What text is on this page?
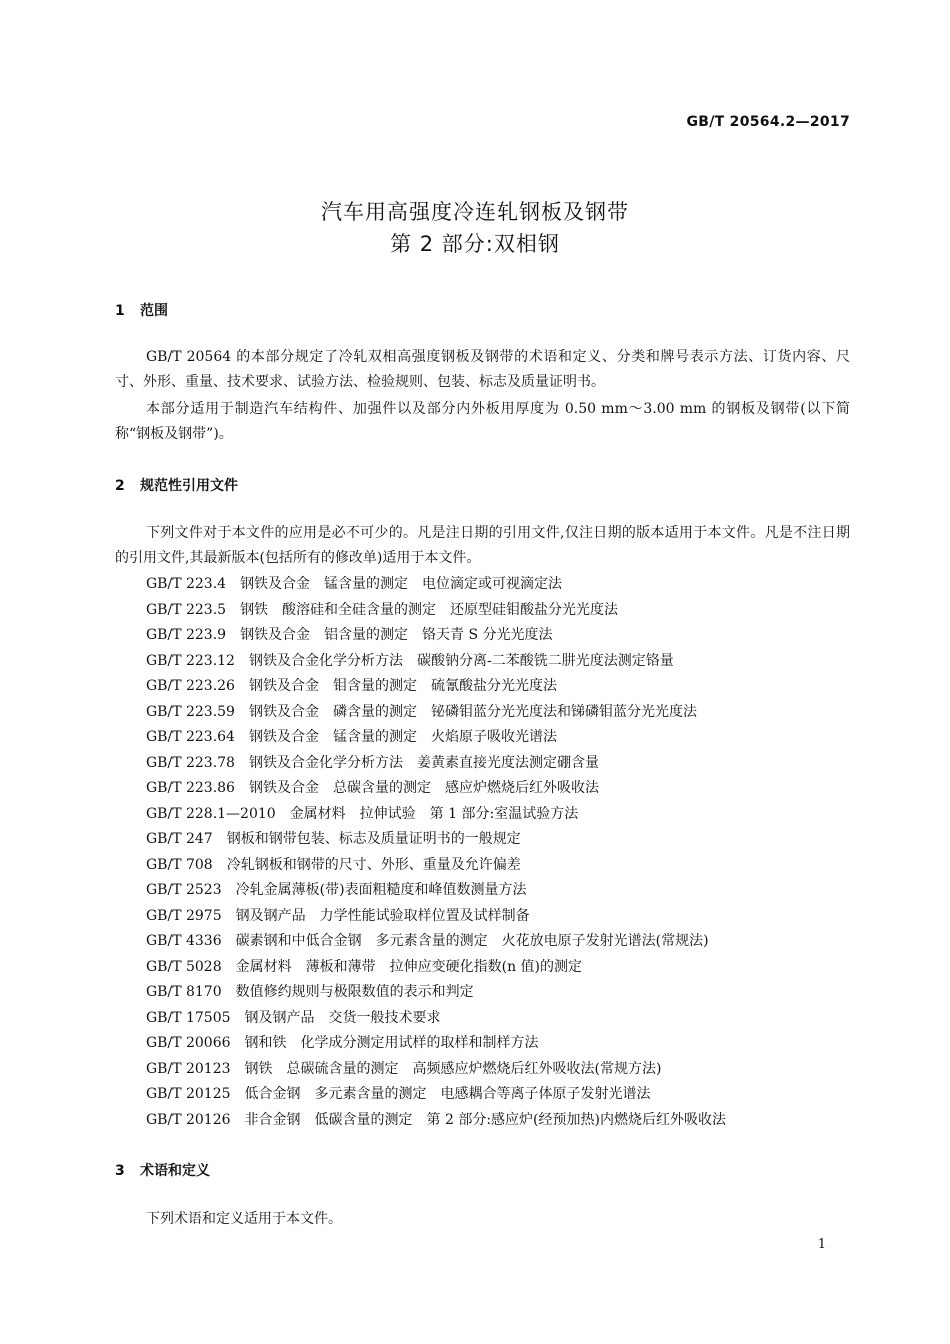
GB/T 20564.2—2017
汽车用高强度冷连轧钢板及钢带
第 2 部分:双相钢
1 范围
GB/T 20564 的本部分规定了冷轧双相高强度钢板及钢带的术语和定义、分类和牌号表示方法、订货内容、尺寸、外形、重量、技术要求、试验方法、检验规则、包装、标志及质量证明书。
本部分适用于制造汽车结构件、加强件以及部分内外板用厚度为 0.50 mm～3.00 mm 的钢板及钢带(以下简称“钢板及钢带”)。
2 规范性引用文件
下列文件对于本文件的应用是必不可少的。凡是注日期的引用文件,仅注日期的版本适用于本文件。凡是不注日期的引用文件,其最新版本(包括所有的修改单)适用于本文件。
GB/T 223.4 钢铁及合金　锰含量的测定　电位滴定或可视滴定法
GB/T 223.5 钢铁　酸溶硅和全硅含量的测定　还原型硅钼酸盐分光光度法
GB/T 223.9 钢铁及合金　铝含量的测定　铬天青 S 分光光度法
GB/T 223.12 钢铁及合金化学分析方法　碳酸钠分离-二苯酸铣二肼光度法测定铬量
GB/T 223.26 钢铁及合金　钼含量的测定　硫氰酸盐分光光度法
GB/T 223.59 钢铁及合金　磷含量的测定　铋磷钼蓝分光光度法和锑磷钼蓝分光光度法
GB/T 223.64 钢铁及合金　锰含量的测定　火焰原子吸收光谱法
GB/T 223.78 钢铁及合金化学分析方法　姜黄素直接光度法测定硼含量
GB/T 223.86 钢铁及合金　总碳含量的测定　感应炉燃烧后红外吸收法
GB/T 228.1—2010 金属材料　拉伸试验　第 1 部分:室温试验方法
GB/T 247 钢板和钢带包装、标志及质量证明书的一般规定
GB/T 708 冷轧钢板和钢带的尺寸、外形、重量及允许偏差
GB/T 2523 冷轧金属薄板(带)表面粗糙度和峰值数测量方法
GB/T 2975 钢及钢产品　力学性能试验取样位置及试样制备
GB/T 4336 碳素钢和中低合金钢　多元素含量的测定　火花放电原子发射光谱法(常规法)
GB/T 5028 金属材料　薄板和薄带　拉伸应变硬化指数(n 值)的测定
GB/T 8170 数值修约规则与极限数值的表示和判定
GB/T 17505 钢及钢产品　交货一般技术要求
GB/T 20066 钢和铁　化学成分测定用试样的取样和制样方法
GB/T 20123 钢铁　总碳硫含量的测定　高频感应炉燃烧后红外吸收法(常规方法)
GB/T 20125 低合金钢　多元素含量的测定　电感耦合等离子体原子发射光谱法
GB/T 20126 非合金钢　低碳含量的测定　第 2 部分:感应炉(经预加热)内燃烧后红外吸收法
3 术语和定义
下列术语和定义适用于本文件。
1
